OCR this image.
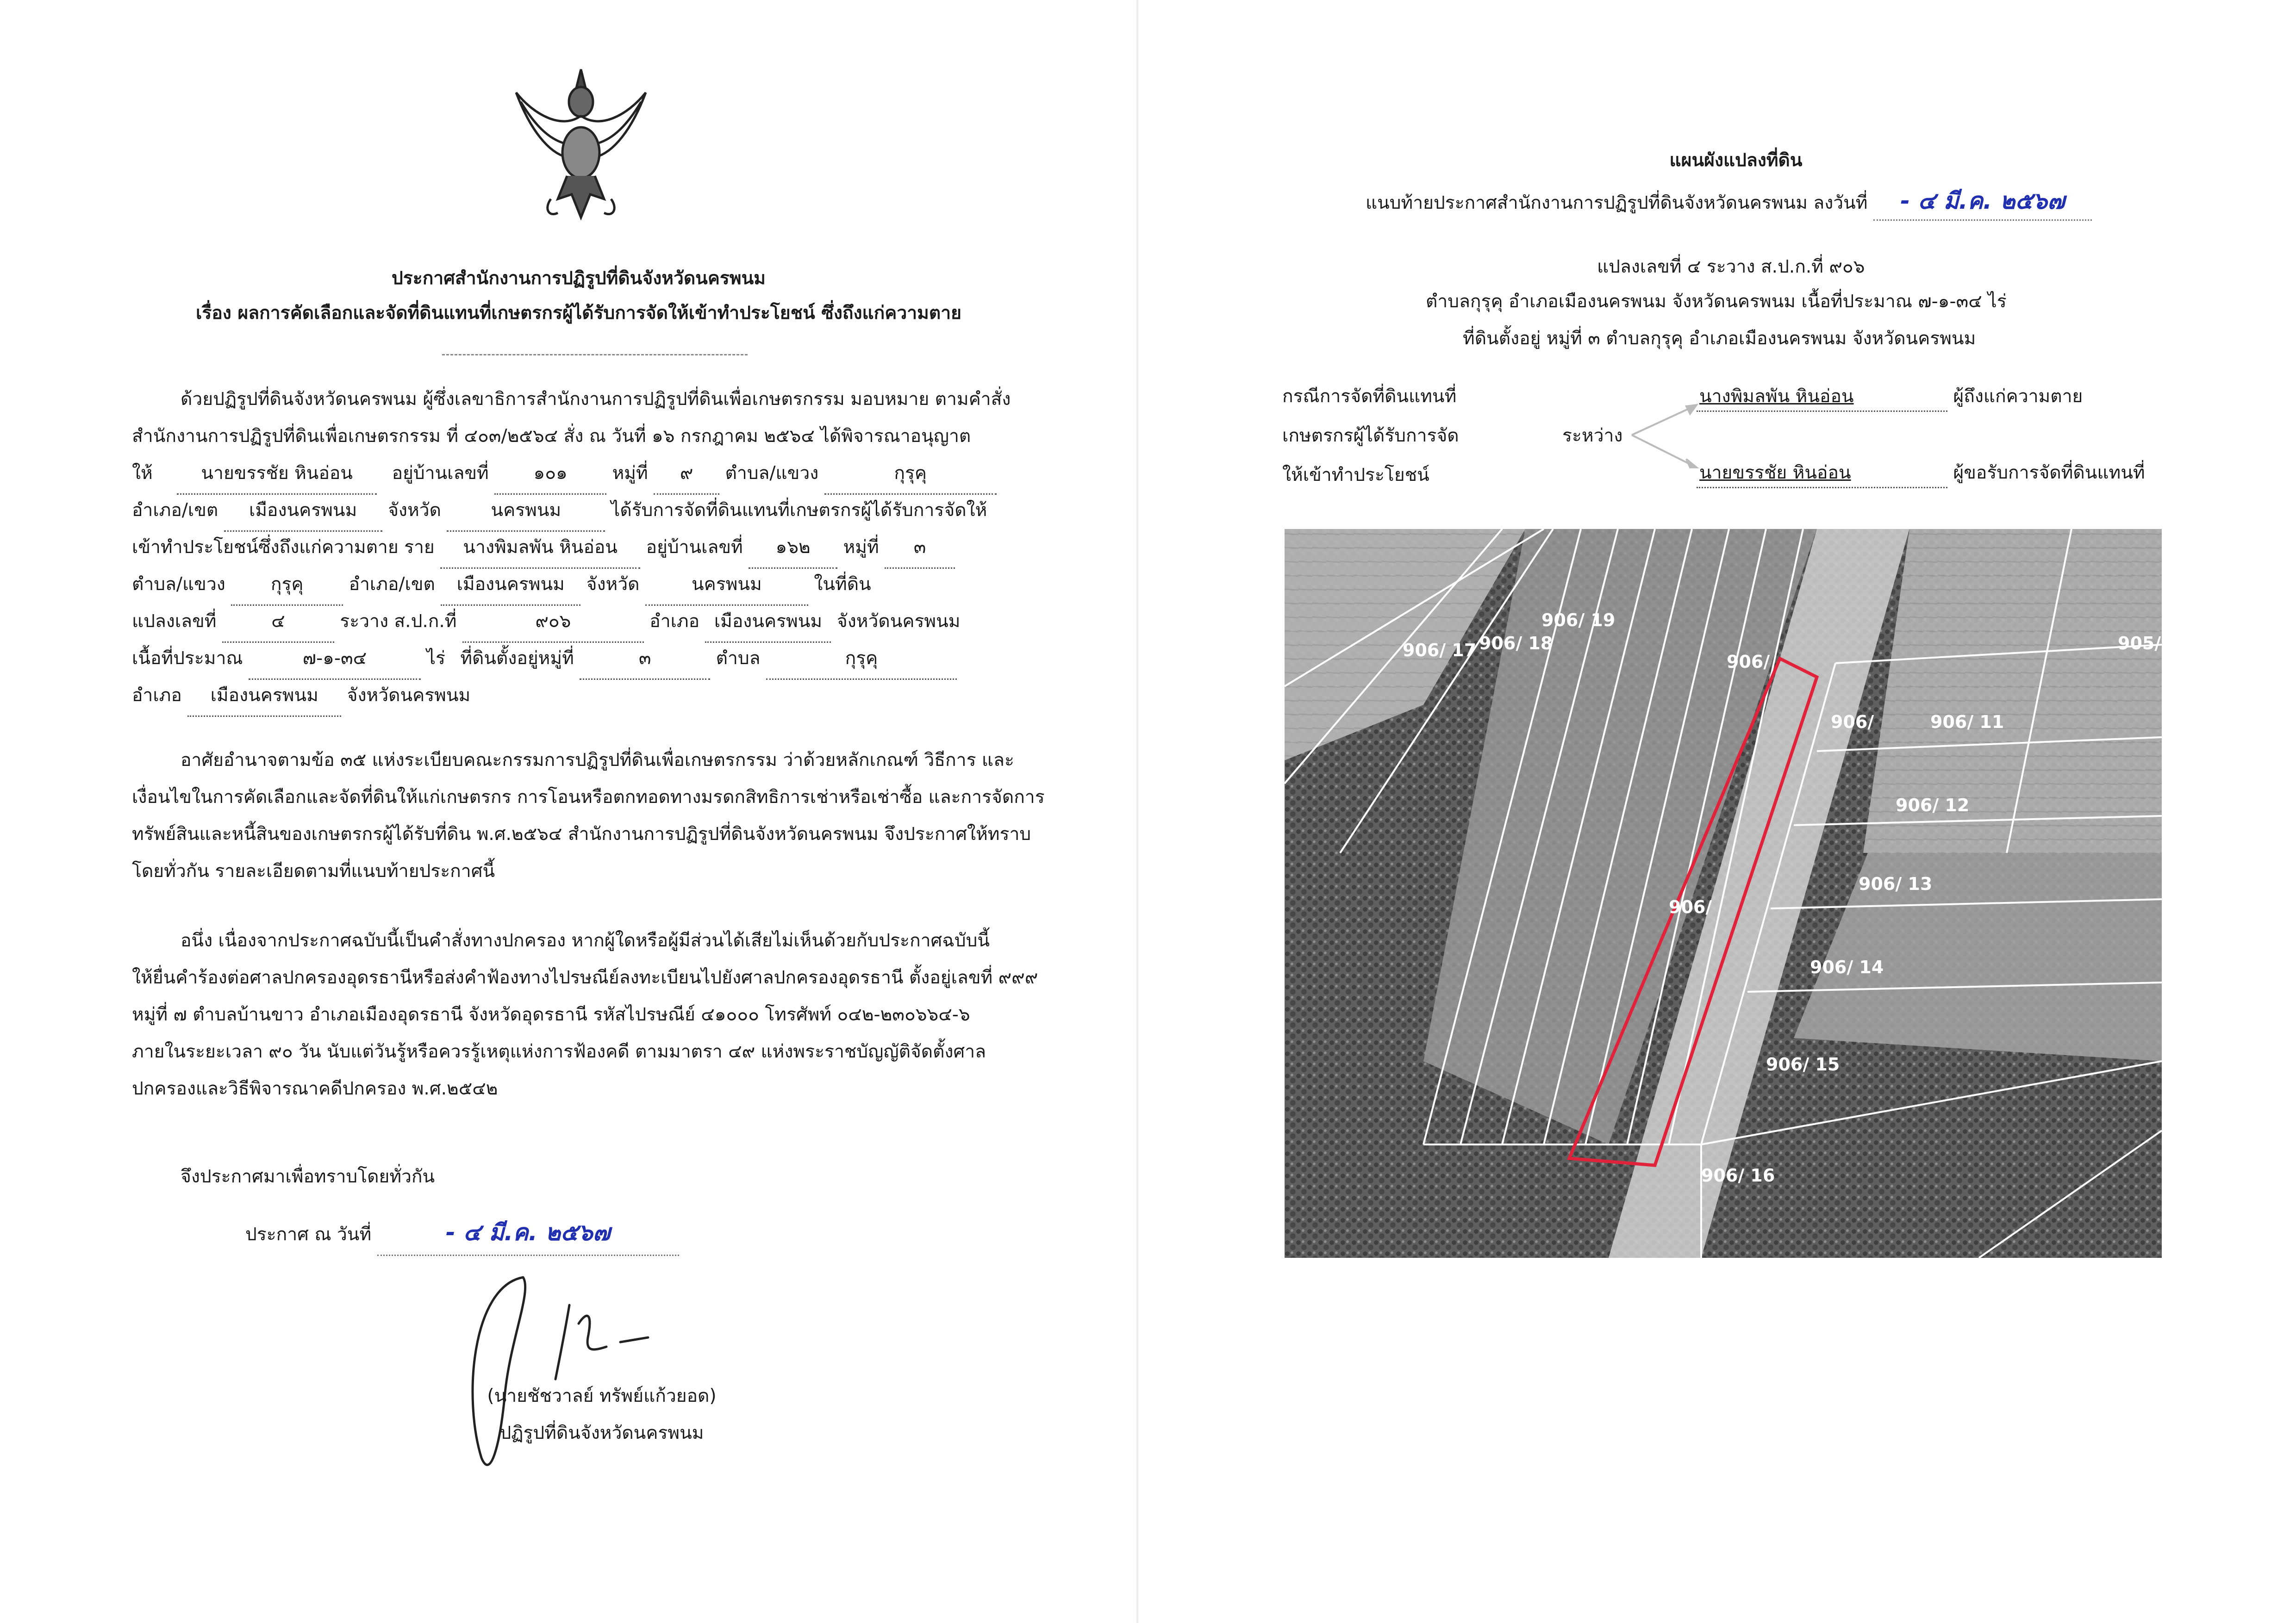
ประกาศสำนักงานการปฏิรูปที่ดินจังหวัดนครพนม
เรื่อง ผลการคัดเลือกและจัดที่ดินแทนที่เกษตรกรผู้ได้รับการจัดให้เข้าทำประโยชน์ ซึ่งถึงแก่ความตาย
ด้วยปฏิรูปที่ดินจังหวัดนครพนม ผู้ซึ่งเลขาธิการสำนักงานการปฏิรูปที่ดินเพื่อเกษตรกรรม มอบหมาย ตามคำสั่ง
สำนักงานการปฏิรูปที่ดินเพื่อเกษตรกรรม ที่ ๔๐๓/๒๕๖๔ สั่ง ณ วันที่ ๑๖ กรกฎาคม ๒๕๖๔ ได้พิจารณาอนุญาต
ให้	นายขรรชัย หินอ่อน อยู่บ้านเลขที่ ๑๐๑ หมู่ที่ ๙ ตำบล/แขวง	กุรุคุ
อำเภอ/เขต เมืองนครพนม จังหวัด	นครพนม	ได้รับการจัดที่ดินแทนที่เกษตรกรผู้ได้รับการจัดให้
เข้าทำประโยชน์ซึ่งถึงแก่ความตาย ราย นางพิมลพัน หินอ่อน อยู่บ้านเลขที่ ๑๖๒ หมู่ที่ ๓
ตำบล/แขวง	กุรุคุ	อำเภอ/เขต เมืองนครพนม จังหวัด	นครพนม	ในที่ดิน
แปลงเลขที่	๔	ระวาง ส.ป.ก.ที่	๙๐๖	อำเภอ เมืองนครพนม จังหวัดนครพนม
เนื้อที่ประมาณ	๗-๑-๓๔	ไร่ ที่ดินตั้งอยู่หมู่ที่	๓	ตำบล	กุรุคุ
อำเภอ เมืองนครพนม จังหวัดนครพนม
อาศัยอำนาจตามข้อ ๓๕ แห่งระเบียบคณะกรรมการปฏิรูปที่ดินเพื่อเกษตรกรรม ว่าด้วยหลักเกณฑ์ วิธีการ และ
เงื่อนไขในการคัดเลือกและจัดที่ดินให้แก่เกษตรกร การโอนหรือตกทอดทางมรดกสิทธิการเช่าหรือเช่าซื้อ และการจัดการ
ทรัพย์สินและหนี้สินของเกษตรกรผู้ได้รับที่ดิน พ.ศ.๒๕๖๔ สำนักงานการปฏิรูปที่ดินจังหวัดนครพนม จึงประกาศให้ทราบ
โดยทั่วกัน รายละเอียดตามที่แนบท้ายประกาศนี้
อนึ่ง เนื่องจากประกาศฉบับนี้เป็นคำสั่งทางปกครอง หากผู้ใดหรือผู้มีส่วนได้เสียไม่เห็นด้วยกับประกาศฉบับนี้
ให้ยื่นคำร้องต่อศาลปกครองอุดรธานีหรือส่งคำฟ้องทางไปรษณีย์ลงทะเบียนไปยังศาลปกครองอุดรธานี ตั้งอยู่เลขที่ ๙๙๙
หมู่ที่ ๗ ตำบลบ้านขาว อำเภอเมืองอุดรธานี จังหวัดอุดรธานี รหัสไปรษณีย์ ๔๑๐๐๐ โทรศัพท์ ๐๔๒-๒๓๐๖๖๔-๖
ภายในระยะเวลา ๙๐ วัน นับแต่วันรู้หรือควรรู้เหตุแห่งการฟ้องคดี ตามมาตรา ๔๙ แห่งพระราชบัญญัติจัดตั้งศาล
ปกครองและวิธีพิจารณาคดีปกครอง พ.ศ.๒๕๔๒
จึงประกาศมาเพื่อทราบโดยทั่วกัน
ประกาศ ณ วันที่	- ๔ มี.ค. ๒๕๖๗
(นายชัชวาลย์ ทรัพย์แก้วยอด)
ปฏิรูปที่ดินจังหวัดนครพนม
แผนผังแปลงที่ดิน
แนบท้ายประกาศสำนักงานการปฏิรูปที่ดินจังหวัดนครพนม ลงวันที่ - ๔ มี.ค. ๒๕๖๗
แปลงเลขที่ ๔ ระวาง ส.ป.ก.ที่ ๙๐๖
ตำบลกุรุคุ อำเภอเมืองนครพนม จังหวัดนครพนม เนื้อที่ประมาณ ๗-๑-๓๔ ไร่
ที่ดินตั้งอยู่ หมู่ที่ ๓ ตำบลกุรุคุ อำเภอเมืองนครพนม จังหวัดนครพนม
กรณีการจัดที่ดินแทนที่
เกษตรกรผู้ได้รับการจัด
ให้เข้าทำประโยชน์
ระหว่าง
นางพิมลพัน หินอ่อน	ผู้ถึงแก่ความตาย
นายขรรชัย หินอ่อน	ผู้ขอรับการจัดที่ดินแทนที่
906/ 17 906/ 18
906/ 19
906/
906/ 11
906/ 12
906/ 13
906/ 14
906/ 15
906/ 16
905/
906/
906/
